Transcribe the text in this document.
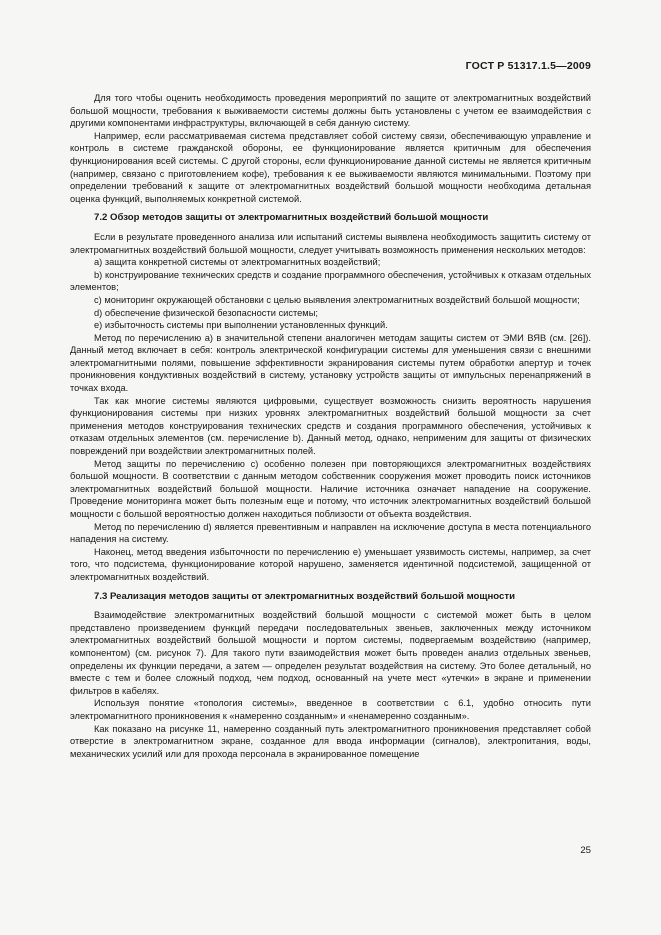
ГОСТ Р 51317.1.5—2009

Для того чтобы оценить необходимость проведения мероприятий по защите от электромагнитных воздействий большой мощности, требования к выживаемости системы должны быть установлены с учетом ее взаимодействия с другими компонентами инфраструктуры, включающей в себя данную систему.

Например, если рассматриваемая система представляет собой систему связи, обеспечивающую управление и контроль в системе гражданской обороны, ее функционирование является критичным для обеспечения функционирования всей системы. С другой стороны, если функционирование данной системы не является критичным (например, связано с приготовлением кофе), требования к ее выживаемости являются минимальными. Поэтому при определении требований к защите от электромагнитных воздействий большой мощности необходима детальная оценка функций, выполняемых конкретной системой.

7.2 Обзор методов защиты от электромагнитных воздействий большой мощности

Если в результате проведенного анализа или испытаний системы выявлена необходимость защитить систему от электромагнитных воздействий большой мощности, следует учитывать возможность применения нескольких методов:

а) защита конкретной системы от электромагнитных воздействий;

b) конструирование технических средств и создание программного обеспечения, устойчивых к отказам отдельных элементов;

с) мониторинг окружающей обстановки с целью выявления электромагнитных воздействий большой мощности;

d) обеспечение физической безопасности системы;

е) избыточность системы при выполнении установленных функций.

Метод по перечислению а) в значительной степени аналогичен методам защиты систем от ЭМИ ВЯВ (см. [26]). Данный метод включает в себя: контроль электрической конфигурации системы для уменьшения связи с внешними электромагнитными полями, повышение эффективности экранирования системы путем обработки апертур и точек проникновения кондуктивных воздействий в систему, установку устройств защиты от импульсных перенапряжений в точках входа.

Так как многие системы являются цифровыми, существует возможность снизить вероятность нарушения функционирования системы при низких уровнях электромагнитных воздействий большой мощности за счет применения методов конструирования технических средств и создания программного обеспечения, устойчивых к отказам отдельных элементов (см. перечисление b). Данный метод, однако, неприменим для защиты от физических повреждений при воздействии электромагнитных полей.

Метод защиты по перечислению с) особенно полезен при повторяющихся электромагнитных воздействиях большой мощности. В соответствии с данным методом собственник сооружения может проводить поиск источников электромагнитных воздействий большой мощности. Наличие источника означает нападение на сооружение. Проведение мониторинга может быть полезным еще и потому, что источник электромагнитных воздействий большой мощности с большой вероятностью должен находиться поблизости от объекта воздействия.

Метод по перечислению d) является превентивным и направлен на исключение доступа в места потенциального нападения на систему.

Наконец, метод введения избыточности по перечислению е) уменьшает уязвимость системы, например, за счет того, что подсистема, функционирование которой нарушено, заменяется идентичной подсистемой, защищенной от электромагнитных воздействий.

7.3 Реализация методов защиты от электромагнитных воздействий большой мощности

Взаимодействие электромагнитных воздействий большой мощности с системой может быть в целом представлено произведением функций передачи последовательных звеньев, заключенных между источником электромагнитных воздействий большой мощности и портом системы, подвергаемым воздействию (например, компонентом) (см. рисунок 7). Для такого пути взаимодействия может быть проведен анализ отдельных звеньев, определены их функции передачи, а затем — определен результат воздействия на систему. Это более детальный, но вместе с тем и более сложный подход, чем подход, основанный на учете мест «утечки» в экране и применении фильтров в кабелях.

Используя понятие «топология системы», введенное в соответствии с 6.1, удобно относить пути электромагнитного проникновения к «намеренно созданным» и «ненамеренно созданным».

Как показано на рисунке 11, намеренно созданный путь электромагнитного проникновения представляет собой отверстие в электромагнитном экране, созданное для ввода информации (сигналов), электропитания, воды, механических усилий или для прохода персонала в экранированное помещение

25
